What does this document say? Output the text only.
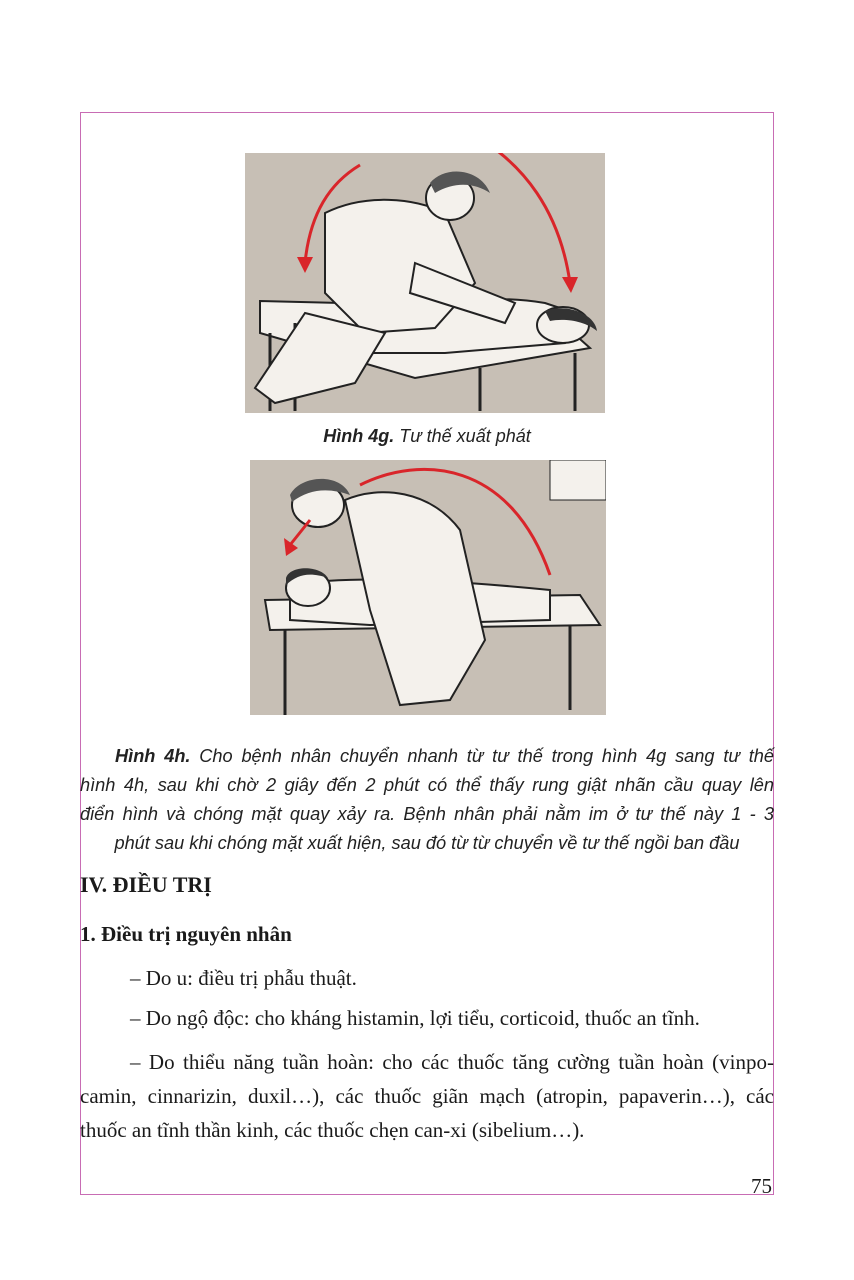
Hình 4g. Tư thế xuất phát
Hình 4h. Cho bệnh nhân chuyển nhanh từ tư thế trong hình 4g sang tư thế
hình 4h, sau khi chờ 2 giây đến 2 phút có thể thấy rung giật nhãn cầu quay lên
điển hình và chóng mặt quay xảy ra. Bệnh nhân phải nằm im ở tư thế này 1 - 3
phút sau khi chóng mặt xuất hiện, sau đó từ từ chuyển về tư thế ngồi ban đầu
IV. ĐIỀU TRỊ
1. Điều trị nguyên nhân
– Do u: điều trị phẫu thuật.
– Do ngộ độc: cho kháng histamin, lợi tiểu, corticoid, thuốc an tĩnh.
– Do thiểu năng tuần hoàn: cho các thuốc tăng cường tuần hoàn (vinpo-
camin, cinnarizin, duxil…), các thuốc giãn mạch (atropin, papaverin…), các
thuốc an tĩnh thần kinh, các thuốc chẹn can-xi (sibelium…).
75
